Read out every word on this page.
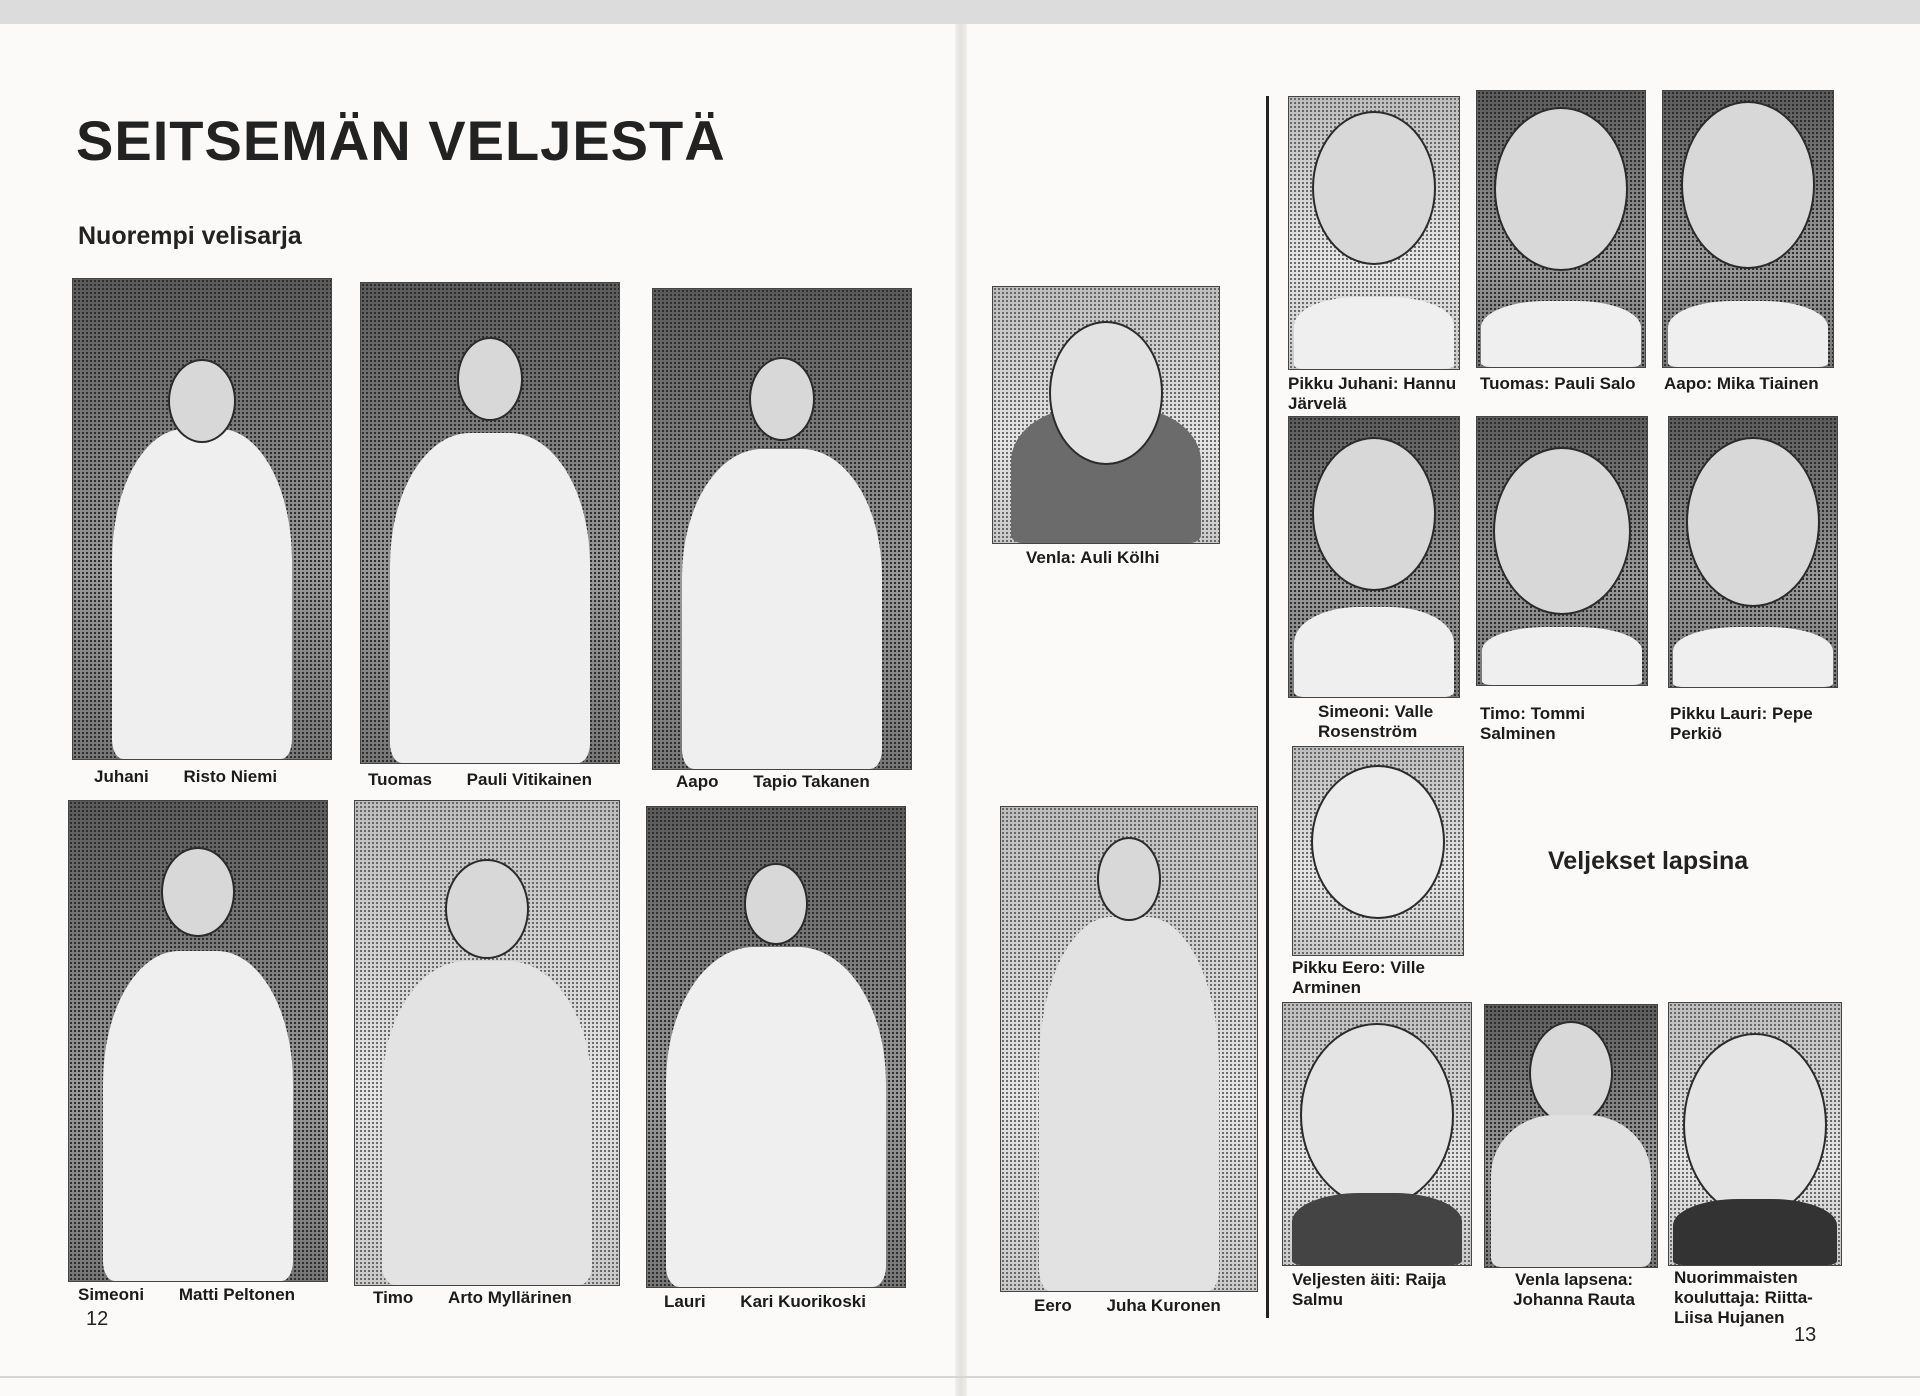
SEITSEMÄN VELJESTÄ
Nuorempi velisarja
Juhani Risto Niemi	Tuomas Pauli Vitikainen	Aapo Tapio Takanen
Simeoni Matti Peltonen	Timo Arto Myllärinen	Lauri Kari Kuorikoski
12
Venla: Auli Kölhi
Eero Juha Kuronen
Pikku Juhani: Hannu Järvelä
Tuomas: Pauli Salo	Aapo: Mika Tiainen
Simeoni: Valle Rosenström
Timo: Tommi Salminen
Pikku Lauri: Pepe Perkiö
Pikku Eero: Ville Arminen
Veljekset lapsina
Veljesten äiti: Raija Salmu
Venla lapsena: Johanna Rauta
Nuorimmaisten kouluttaja: Riitta-Liisa Hujanen
13
